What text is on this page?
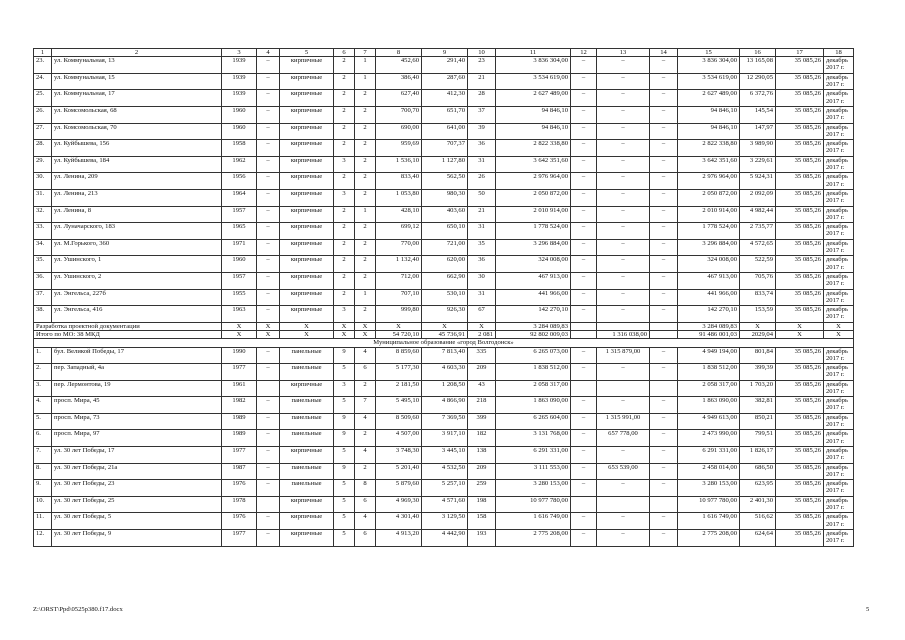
1	2	3	4	5	6	7	8	9	10	11	12	13	14	15	16	17	18
23.	ул. Коммунальная, 13	1939	–	кирпичные	2	1	452,60	291,40	23	3 836 304,00	–	–	–	3 836 304,00	13 165,08	35 085,26	декабрь 2017 г.
24.	ул. Коммунальная, 15	1939	–	кирпичные	2	1	386,40	287,60	21	3 534 619,00	–	–	–	3 534 619,00	12 290,05	35 085,26	декабрь 2017 г.
25.	ул. Коммунальная, 17	1939	–	кирпичные	2	2	627,40	412,30	28	2 627 489,00	–	–	–	2 627 489,00	6 372,76	35 085,26	декабрь 2017 г.
26.	ул. Комсомольская, 68	1960	–	кирпичные	2	2	700,70	651,70	37	94 846,10	–	–	–	94 846,10	145,54	35 085,26	декабрь 2017 г.
27.	ул. Комсомольская, 70	1960	–	кирпичные	2	2	690,00	641,00	39	94 846,10	–	–	–	94 846,10	147,97	35 085,26	декабрь 2017 г.
28.	ул. Куйбышева, 156	1958	–	кирпичные	2	2	959,69	707,37	36	2 822 338,80	–	–	–	2 822 338,80	3 989,90	35 085,26	декабрь 2017 г.
29.	ул. Куйбышева, 184	1962	–	кирпичные	3	2	1 536,10	1 127,80	31	3 642 351,60	–	–	–	3 642 351,60	3 229,61	35 085,26	декабрь 2017 г.
30.	ул. Ленина, 209	1956	–	кирпичные	2	2	833,40	562,50	26	2 976 964,00	–	–	–	2 976 964,00	5 924,31	35 085,26	декабрь 2017 г.
31.	ул. Ленина, 213	1964	–	кирпичные	3	2	1 053,80	980,30	50	2 050 872,00	–	–	–	2 050 872,00	2 092,09	35 085,26	декабрь 2017 г.
32.	ул. Ленина, 8	1957	–	кирпичные	2	1	428,10	403,60	21	2 010 914,00	–	–	–	2 010 914,00	4 982,44	35 085,26	декабрь 2017 г.
33.	ул. Луначарского, 183	1965	–	кирпичные	2	2	699,12	650,10	31	1 778 524,00	–	–	–	1 778 524,00	2 735,77	35 085,26	декабрь 2017 г.
34.	ул. М.Горького, 360	1971	–	кирпичные	2	2	770,00	721,00	35	3 296 884,00	–	–	–	3 296 884,00	4 572,65	35 085,26	декабрь 2017 г.
35.	ул. Ушинского, 1	1960	–	кирпичные	2	2	1 132,40	620,00	36	324 008,00	–	–	–	324 008,00	522,59	35 085,26	декабрь 2017 г.
36.	ул. Ушинского, 2	1957	–	кирпичные	2	2	712,00	662,90	30	467 913,00	–	–	–	467 913,00	705,76	35 085,26	декабрь 2017 г.
37.	ул. Энгельса, 227б	1955	–	кирпичные	2	1	707,10	530,10	31	441 966,00	–	–	–	441 966,00	833,74	35 085,26	декабрь 2017 г.
38.	ул. Энгельса, 416	1963	–	кирпичные	3	2	999,80	926,30	67	142 270,10	–	–	–	142 270,10	153,59	35 085,26	декабрь 2017 г.
Разработка проектной документации		X	X	X	X	X	X	X	X	3 284 089,83				3 284 089,83	X	X	X
Итого по МО: 38 МКД		X	X	X	X	X	54 720,10	45 736,91	2 081	92 802 009,03		1 316 038,00		91 486 001,03	2029,04	X	X
Муниципальное образование «город Волгодонск»																	
1.	бул. Великой Победы, 17	1990	–	панельные	9	4	8 859,60	7 813,40	335	6 265 073,00	–	1 315 879,00	–	4 949 194,00	801,84	35 085,26	декабрь 2017 г.
2.	пер. Западный, 4а	1977	–	панельные	5	6	5 177,30	4 603,30	209	1 838 512,00	–	–	–	1 838 512,00	399,39	35 085,26	декабрь 2017 г.
3.	пер. Лермонтова, 19	1961		кирпичные	3	2	2 181,50	1 208,50	43	2 058 317,00				2 058 317,00	1 703,20	35 085,26	декабрь 2017 г.
4.	просп. Мира, 45	1982	–	панельные	5	7	5 495,10	4 866,90	218	1 863 090,00	–	–	–	1 863 090,00	382,81	35 085,26	декабрь 2017 г.
5.	просп. Мира, 73	1989	–	панельные	9	4	8 509,60	7 369,50	399	6 265 604,00	–	1 315 991,00	–	4 949 613,00	850,21	35 085,26	декабрь 2017 г.
6.	просп. Мира, 97	1989	–	панельные	9	2	4 507,00	3 917,10	182	3 131 768,00	–	657 778,00	–	2 473 990,00	799,51	35 085,26	декабрь 2017 г.
7.	ул. 30 лет Победы, 17	1977	–	кирпичные	5	4	3 748,30	3 445,10	138	6 291 331,00	–	–	–	6 291 331,00	1 826,17	35 085,26	декабрь 2017 г.
8.	ул. 30 лет Победы, 21а	1987	–	панельные	9	2	5 201,40	4 532,50	209	3 111 553,00	–	653 539,00	–	2 458 014,00	686,50	35 085,26	декабрь 2017 г.
9.	ул. 30 лет Победы, 23	1976	–	панельные	5	8	5 879,60	5 257,10	259	3 280 153,00	–	–	–	3 280 153,00	623,95	35 085,26	декабрь 2017 г.
10.	ул. 30 лет Победы, 25	1978		кирпичные	5	6	4 969,30	4 571,60	198	10 977 780,00				10 977 780,00	2 401,30	35 085,26	декабрь 2017 г.
11.	ул. 30 лет Победы, 5	1976	–	кирпичные	5	4	4 301,40	3 129,50	158	1 616 749,00	–	–	–	1 616 749,00	516,62	35 085,26	декабрь 2017 г.
12.	ул. 30 лет Победы, 9	1977	–	кирпичные	5	6	4 913,20	4 442,90	193	2 775 208,00	–	–	–	2 775 208,00	624,64	35 085,26	декабрь 2017 г.
Z:\ORST\Ppd\0525p380.f17.docx	5
